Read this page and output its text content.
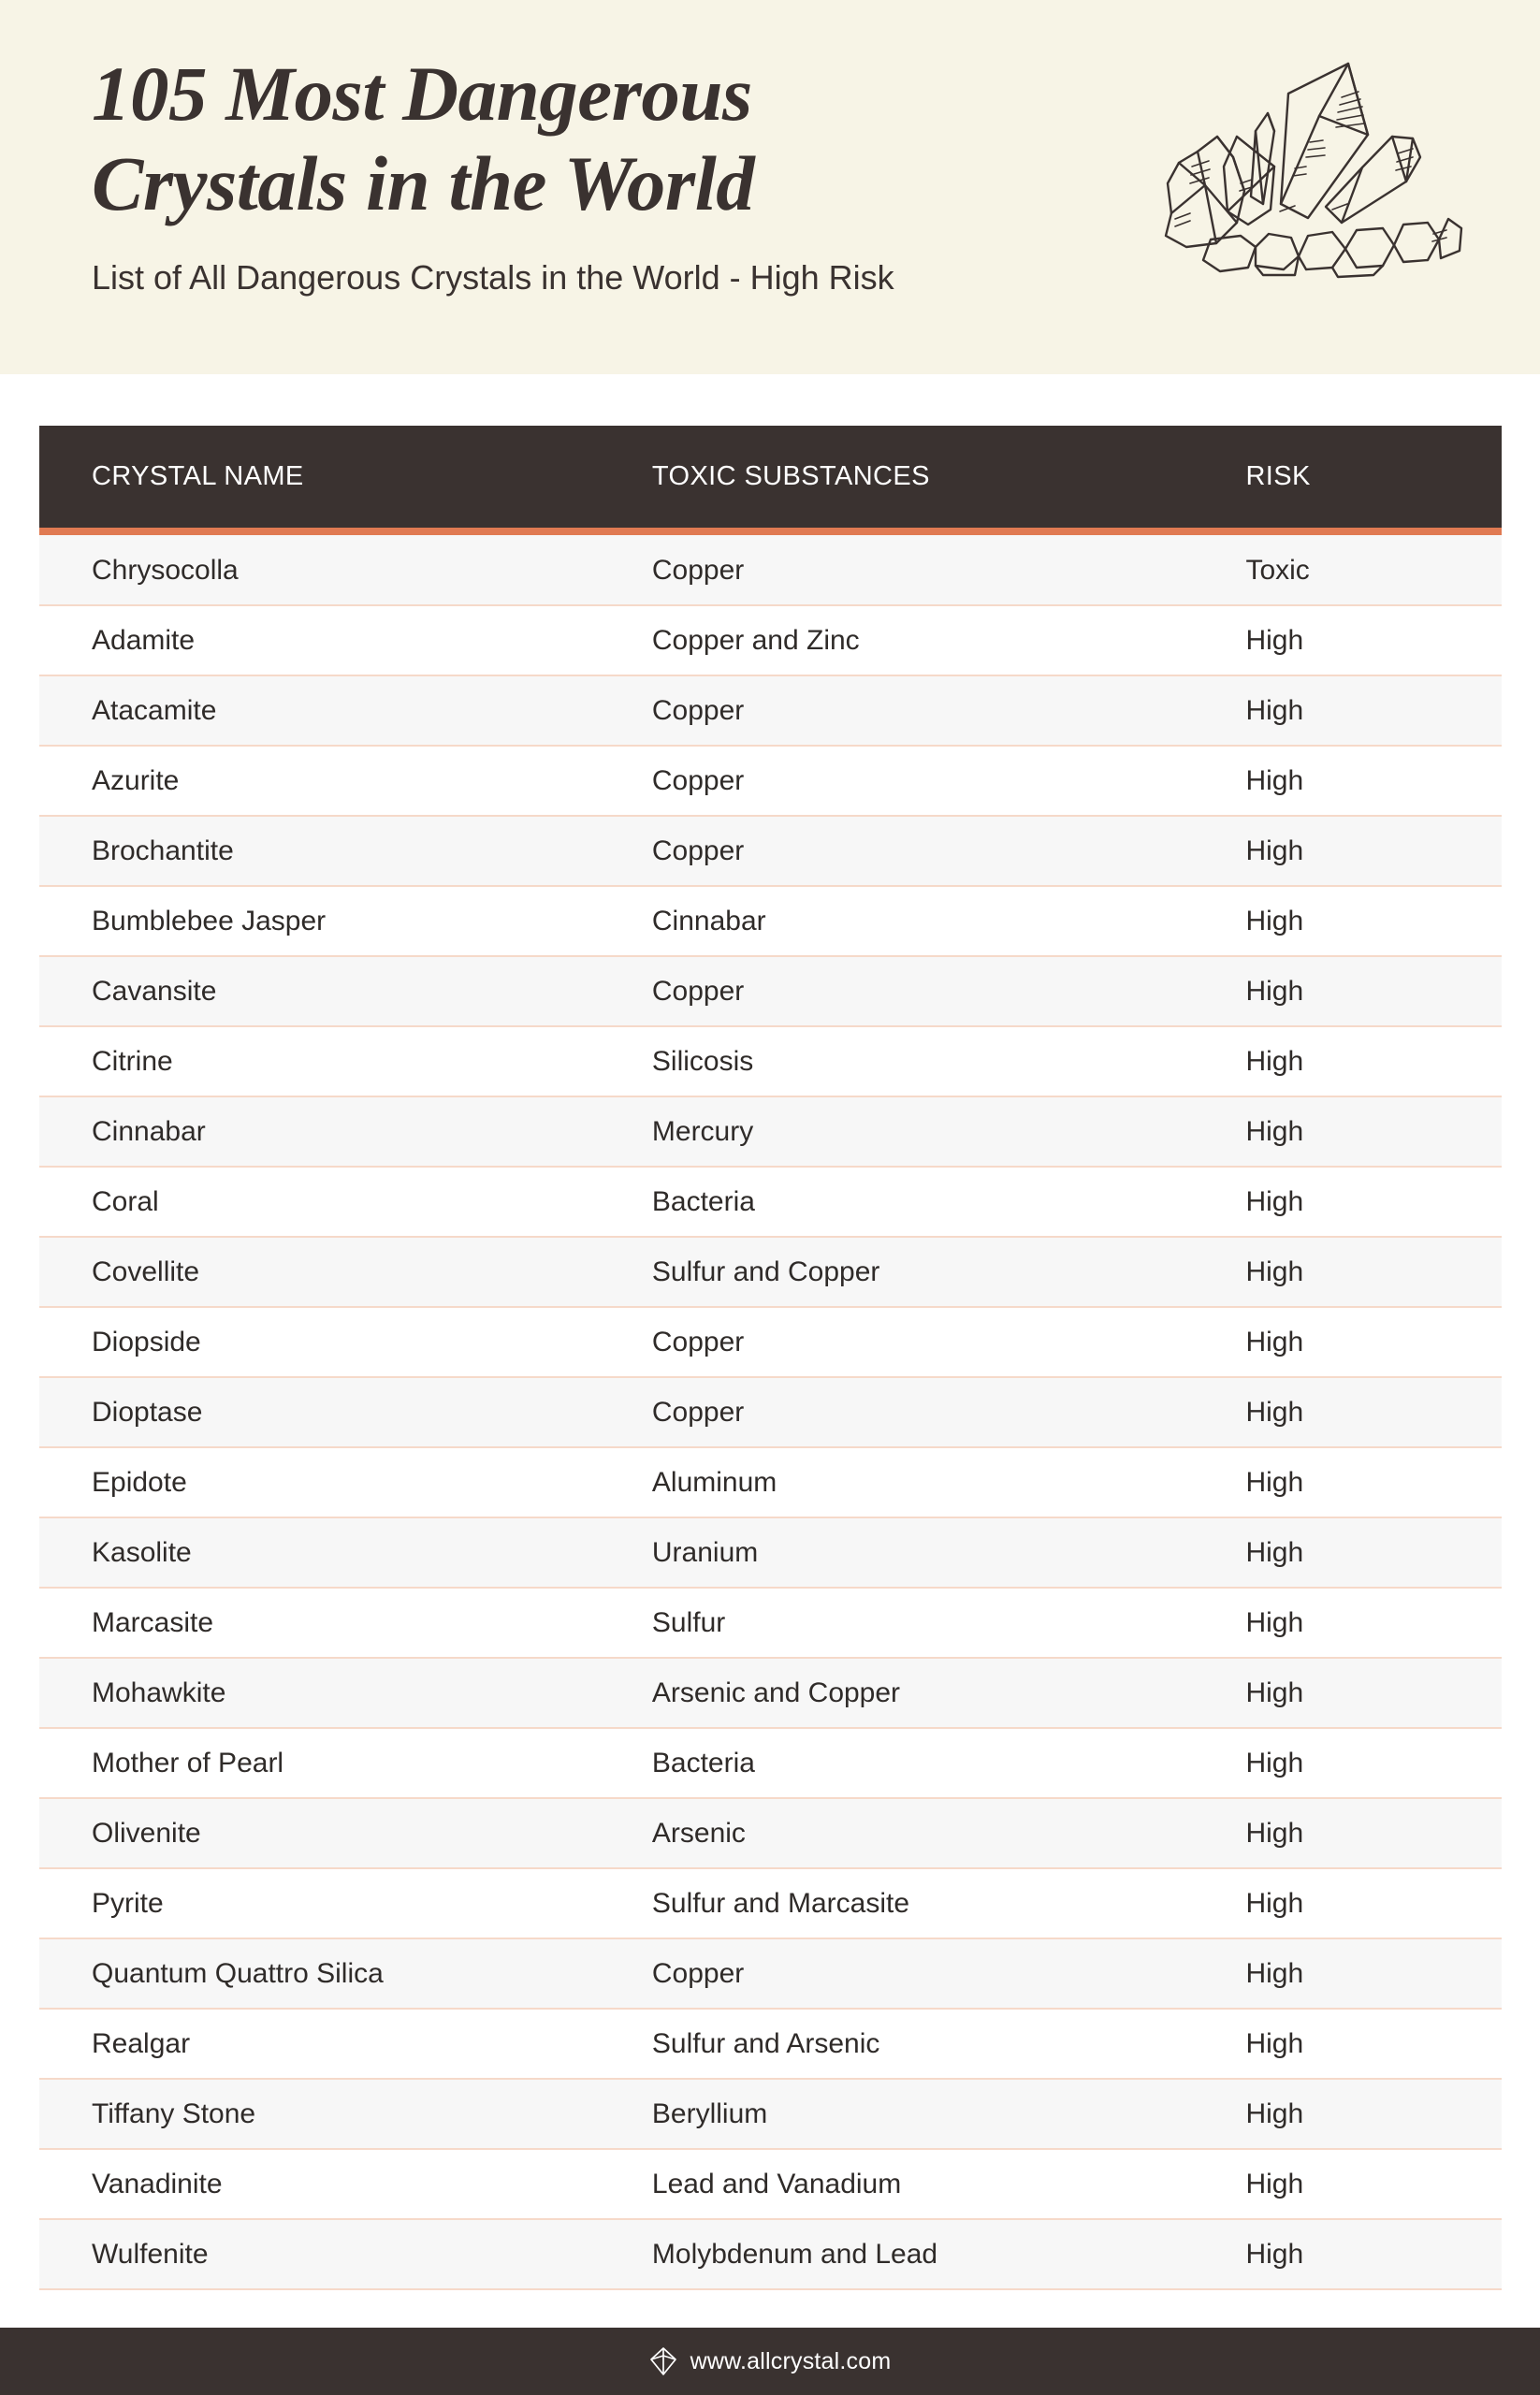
105 Most Dangerous
Crystals in the World
List of All Dangerous Crystals in the World - High Risk
CRYSTAL NAME	TOXIC SUBSTANCES	RISK

Chrysocolla	Copper	Toxic
Adamite	Copper and Zinc	High
Atacamite	Copper	High
Azurite	Copper	High
Brochantite	Copper	High
Bumblebee Jasper	Cinnabar	High
Cavansite	Copper	High
Citrine	Silicosis	High
Cinnabar	Mercury	High
Coral	Bacteria	High
Covellite	Sulfur and Copper	High
Diopside	Copper	High
Dioptase	Copper	High
Epidote	Aluminum	High
Kasolite	Uranium	High
Marcasite	Sulfur	High
Mohawkite	Arsenic and Copper	High
Mother of Pearl	Bacteria	High
Olivenite	Arsenic	High
Pyrite	Sulfur and Marcasite	High
Quantum Quattro Silica	Copper	High
Realgar	Sulfur and Arsenic	High
Tiffany Stone	Beryllium	High
Vanadinite	Lead and Vanadium	High
Wulfenite	Molybdenum and Lead	High
www.allcrystal.com
